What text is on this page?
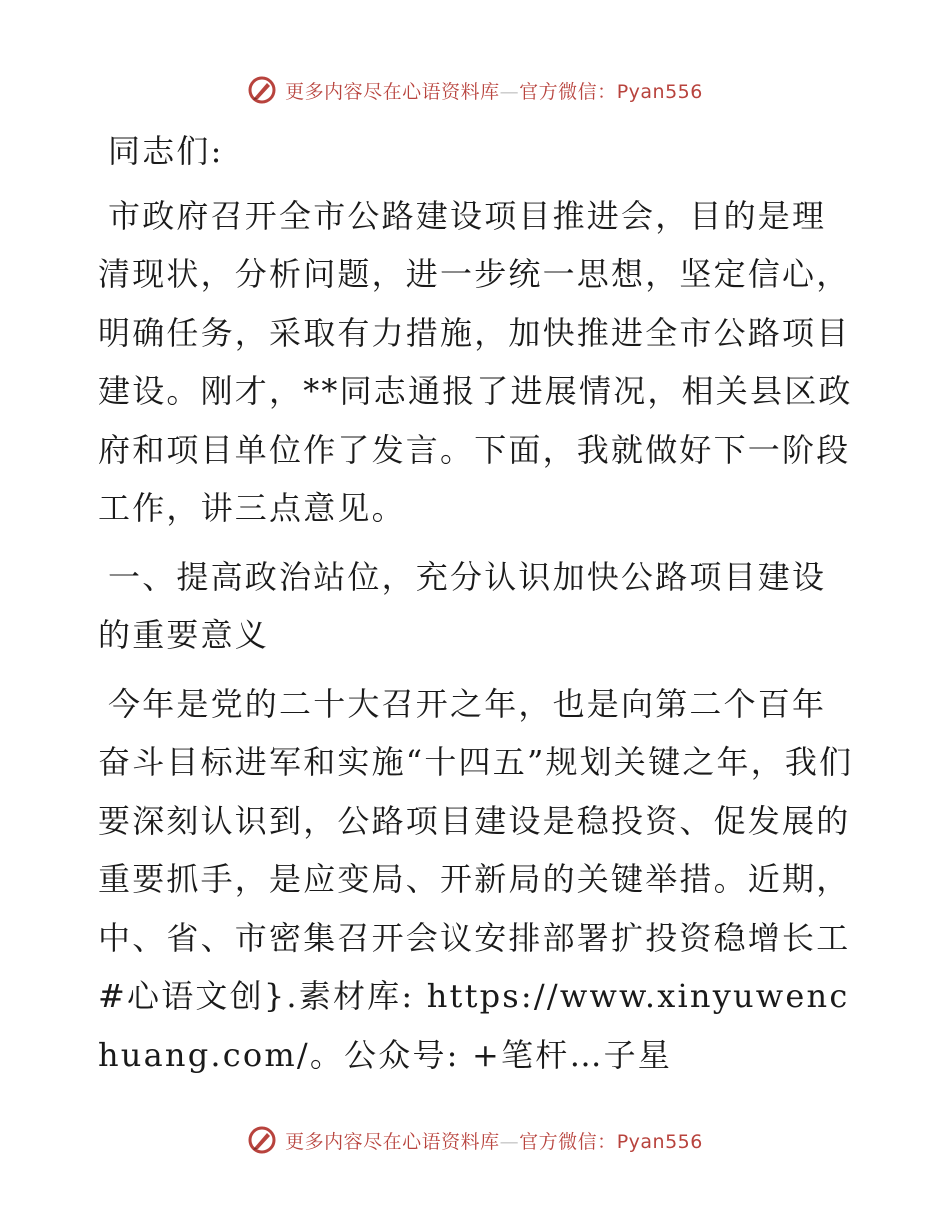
更多内容尽在心语资料库—官方微信：Pyan556

同志们:

市政府召开全市公路建设项目推进会，目的是理清现状，分析问题，进一步统一思想，坚定信心，明确任务，采取有力措施，加快推进全市公路项目建设。刚才，**同志通报了进展情况，相关县区政府和项目单位作了发言。下面，我就做好下一阶段工作，讲三点意见。

一、提高政治站位，充分认识加快公路项目建设的重要意义

今年是党的二十大召开之年，也是向第二个百年奋斗目标进军和实施“十四五”规划关键之年，我们要深刻认识到，公路项目建设是稳投资、促发展的重要抓手，是应变局、开新局的关键举措。近期，中、省、市密集召开会议安排部署扩投资稳增长工#心语文创}.素材库: https://www.xinyuwenchuang.com/。公众号: +笔杆…子星

更多内容尽在心语资料库—官方微信：Pyan556
